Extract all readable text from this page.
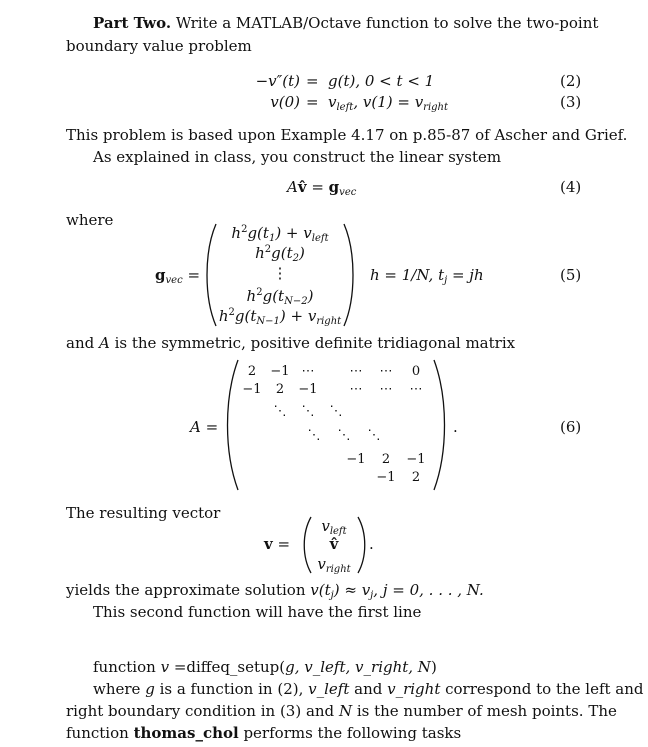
Part Two. Write a MATLAB/Octave function to solve the two-point
boundary value problem
−v″(t) = g(t), 0 < t < 1	(2)
$v(0) = v_{left}$, $v(1) = v_{right}$	(3)
This problem is based upon Example 4.17 on p.85-87 of Ascher and Grief.
As explained in class, you construct the linear system
Av̂ = $g_{vec}$	(4)
where
$g_{vec}$ =
$h^2g(t_1) + v_{left}$
$h^2g(t_2)$
⋮
$h^2g(t_{N-2})$
$h^2g(t_{N-1}) + v_{right}$
h = 1/N, $t_j$ = jh	(5)
and A is the symmetric, positive definite tridiagonal matrix
A =
2	−1 ⋯	⋯	⋯	0
−1	2	−1	⋯	⋯	⋯
⋱	⋱	⋱
⋱	⋱	⋱
−1	2	−1
−1	2
.	(6)
The resulting vector
v =
$v_{left}$
v̂
$v_{right}$
.
yields the approximate solution $v(t_j) \approx v_j$, j = 0, . . . , N.
This second function will have the first line
function v =diffeq_setup(g, v_left, v_right, N)
where g is a function in (2), v_left and v_right correspond to the left and
right boundary condition in (3) and N is the number of mesh points. The
function thomas_chol performs the following tasks
